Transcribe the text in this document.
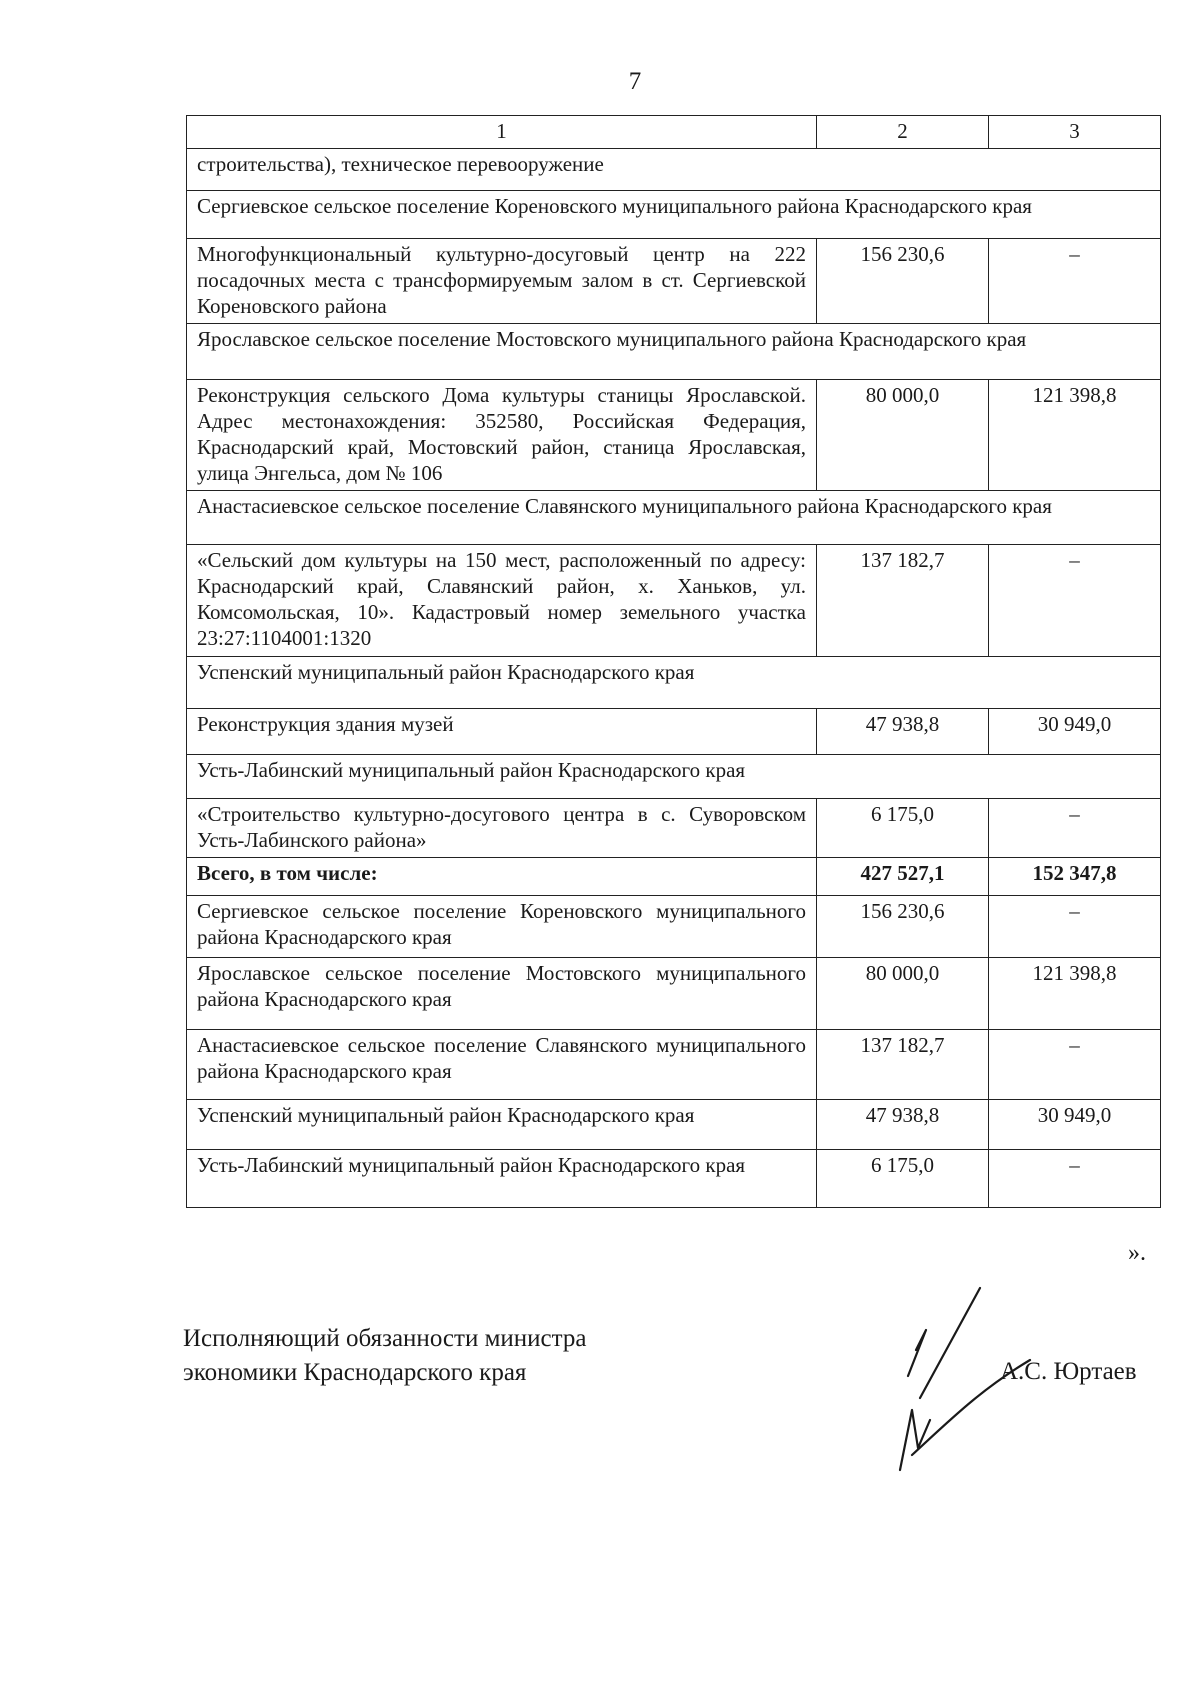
7
1	2	3
строительства), техническое перевооружение		
Сергиевское сельское поселение Кореновского муниципального района Краснодарского края		
Многофункциональный культурно-досуговый центр на 222 посадочных места с трансформируемым залом в ст. Сергиевской Кореновского района	156 230,6	–
Ярославское сельское поселение Мостовского муниципального района Краснодарского края		
Реконструкция сельского Дома культуры станицы Ярославской. Адрес местонахождения: 352580, Российская Федерация, Краснодарский край, Мостовский район, станица Ярославская, улица Энгельса, дом № 106	80 000,0	121 398,8
Анастасиевское сельское поселение Славянского муниципального района Краснодарского края		
«Сельский дом культуры на 150 мест, расположенный по адресу: Краснодарский край, Славянский район, х. Ханьков, ул. Комсомольская, 10». Кадастровый номер земельного участка 23:27:1104001:1320	137 182,7	–
Успенский муниципальный район Краснодарского края		
Реконструкция здания музей	47 938,8	30 949,0
Усть-Лабинский муниципальный район Краснодарского края		
«Строительство культурно-досугового центра в с. Суворовском Усть-Лабинского района»	6 175,0	–
Всего, в том числе:	427 527,1	152 347,8
Сергиевское сельское поселение Кореновского муниципального района Краснодарского края	156 230,6	–
Ярославское сельское поселение Мостовского муниципального района Краснодарского края	80 000,0	121 398,8
Анастасиевское сельское поселение Славянского муниципального района Краснодарского края	137 182,7	–
Успенский муниципальный район Краснодарского края	47 938,8	30 949,0
Усть-Лабинский муниципальный район Краснодарского края	6 175,0	–
».
Исполняющий обязанности министра
экономики Краснодарского края	А.С. Юртаев
